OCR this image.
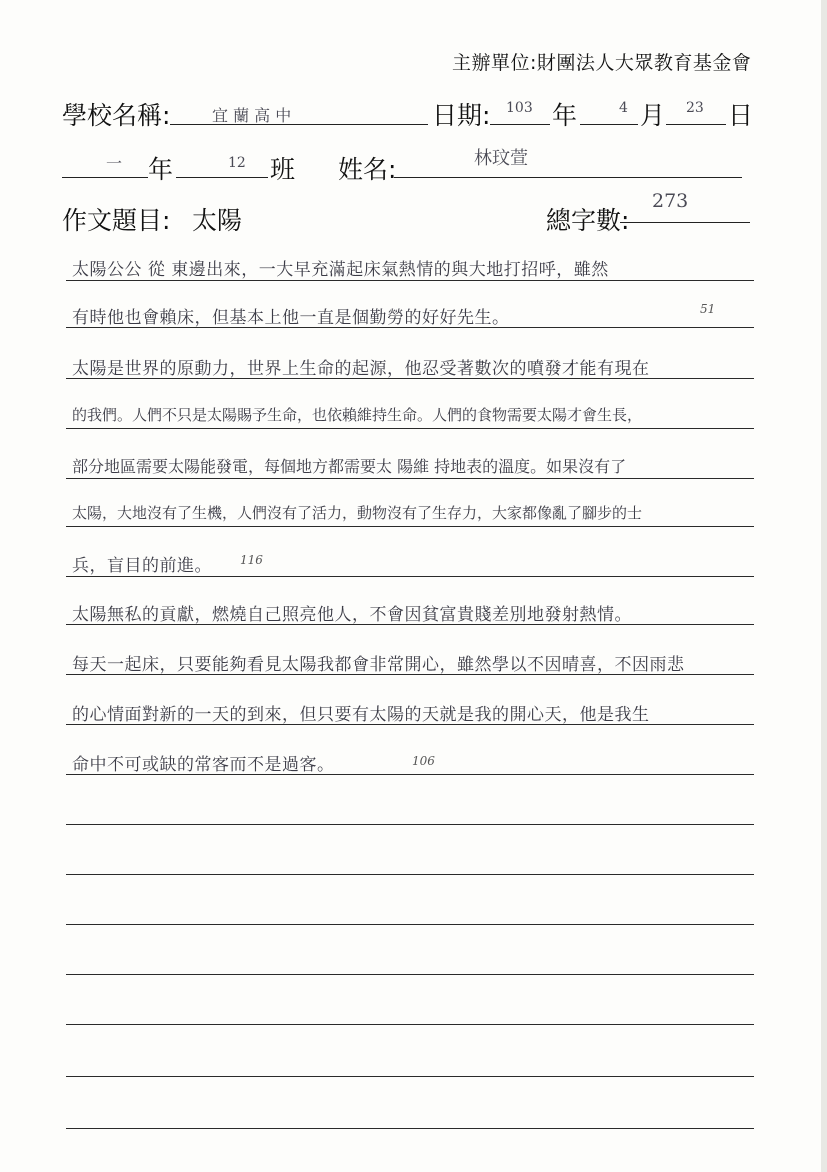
主辦單位:財團法人大眾教育基金會
學校名稱:	宜 蘭 高 中	日期: 103 年	4 月 23 日
一 年	12 班 姓名:	林玟萱
作文題目: 太陽	總字數:
273
太陽公公 從 東邊出來，一大早充滿起床氣熱情的與大地打招呼，雖然
有時他也會賴床，但基本上他一直是個勤勞的好好先生。	51
太陽是世界的原動力，世界上生命的起源，他忍受著數次的噴發才能有現在
的我們。人們不只是太陽賜予生命，也依賴維持生命。人們的食物需要太陽才會生長，
部分地區需要太陽能發電，每個地方都需要太 陽維 持地表的溫度。如果沒有了
太陽，大地沒有了生機，人們沒有了活力，動物沒有了生存力，大家都像亂了腳步的士
兵，盲目的前進。 116
太陽無私的貢獻，燃燒自己照亮他人，不會因貧富貴賤差別地發射熱情。
每天一起床，只要能夠看見太陽我都會非常開心，雖然學以不因晴喜，不因雨悲
的心情面對新的一天的到來，但只要有太陽的天就是我的開心天，他是我生
命中不可或缺的常客而不是過客。	106
